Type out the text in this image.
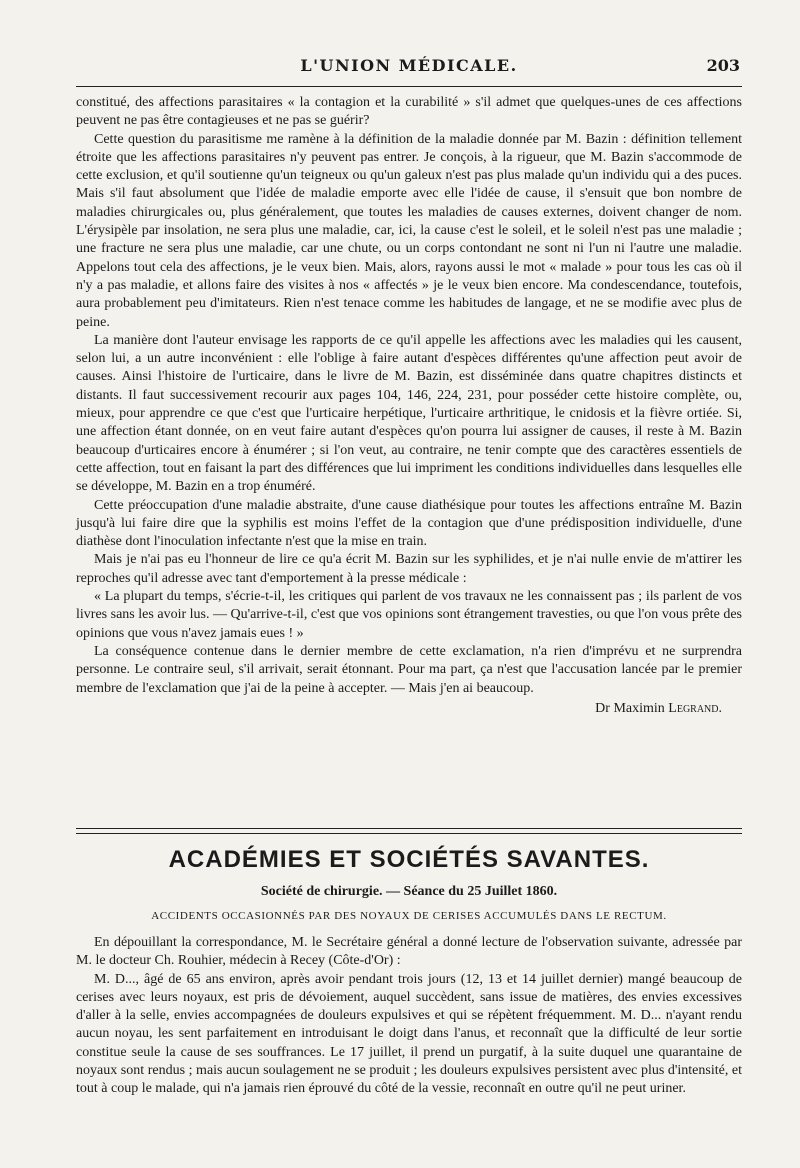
L'UNION MÉDICALE.	203

constitué, des affections parasitaires « la contagion et la curabilité » s'il admet que quelques-unes de ces affections peuvent ne pas être contagieuses et ne pas se guérir?

Cette question du parasitisme me ramène à la définition de la maladie donnée par M. Bazin : définition tellement étroite que les affections parasitaires n'y peuvent pas entrer. Je conçois, à la rigueur, que M. Bazin s'accommode de cette exclusion, et qu'il soutienne qu'un teigneux ou qu'un galeux n'est pas plus malade qu'un individu qui a des puces. Mais s'il faut absolument que l'idée de maladie emporte avec elle l'idée de cause, il s'ensuit que bon nombre de maladies chirurgicales ou, plus généralement, que toutes les maladies de causes externes, doivent changer de nom. L'érysipèle par insolation, ne sera plus une maladie, car, ici, la cause c'est le soleil, et le soleil n'est pas une maladie ; une fracture ne sera plus une maladie, car une chute, ou un corps contondant ne sont ni l'un ni l'autre une maladie. Appelons tout cela des affections, je le veux bien. Mais, alors, rayons aussi le mot « malade » pour tous les cas où il n'y a pas maladie, et allons faire des visites à nos « affectés » je le veux bien encore. Ma condescendance, toutefois, aura probablement peu d'imitateurs. Rien n'est tenace comme les habitudes de langage, et ne se modifie avec plus de peine.

La manière dont l'auteur envisage les rapports de ce qu'il appelle les affections avec les maladies qui les causent, selon lui, a un autre inconvénient : elle l'oblige à faire autant d'espèces différentes qu'une affection peut avoir de causes. Ainsi l'histoire de l'urticaire, dans le livre de M. Bazin, est disséminée dans quatre chapitres distincts et distants. Il faut successivement recourir aux pages 104, 146, 224, 231, pour posséder cette histoire complète, ou, mieux, pour apprendre ce que c'est que l'urticaire herpétique, l'urticaire arthritique, le cnidosis et la fièvre ortiée. Si, une affection étant donnée, on en veut faire autant d'espèces qu'on pourra lui assigner de causes, il reste à M. Bazin beaucoup d'urticaires encore à énumérer ; si l'on veut, au contraire, ne tenir compte que des caractères essentiels de cette affection, tout en faisant la part des différences que lui impriment les conditions individuelles dans lesquelles elle se développe, M. Bazin en a trop énuméré.

Cette préoccupation d'une maladie abstraite, d'une cause diathésique pour toutes les affections entraîne M. Bazin jusqu'à lui faire dire que la syphilis est moins l'effet de la contagion que d'une prédisposition individuelle, d'une diathèse dont l'inoculation infectante n'est que la mise en train.

Mais je n'ai pas eu l'honneur de lire ce qu'a écrit M. Bazin sur les syphilides, et je n'ai nulle envie de m'attirer les reproches qu'il adresse avec tant d'emportement à la presse médicale :

« La plupart du temps, s'écrie-t-il, les critiques qui parlent de vos travaux ne les connaissent pas ; ils parlent de vos livres sans les avoir lus. — Qu'arrive-t-il, c'est que vos opinions sont étrangement travesties, ou que l'on vous prête des opinions que vous n'avez jamais eues ! »

La conséquence contenue dans le dernier membre de cette exclamation, n'a rien d'imprévu et ne surprendra personne. Le contraire seul, s'il arrivait, serait étonnant. Pour ma part, ça n'est que l'accusation lancée par le premier membre de l'exclamation que j'ai de la peine à accepter. — Mais j'en ai beaucoup.

Dr Maximin Legrand.
ACADÉMIES ET SOCIÉTÉS SAVANTES.
Société de chirurgie. — Séance du 25 Juillet 1860.
ACCIDENTS OCCASIONNÉS PAR DES NOYAUX DE CERISES ACCUMULÉS DANS LE RECTUM.

En dépouillant la correspondance, M. le Secrétaire général a donné lecture de l'observation suivante, adressée par M. le docteur Ch. Rouhier, médecin à Recey (Côte-d'Or) :

M. D..., âgé de 65 ans environ, après avoir pendant trois jours (12, 13 et 14 juillet dernier) mangé beaucoup de cerises avec leurs noyaux, est pris de dévoiement, auquel succèdent, sans issue de matières, des envies excessives d'aller à la selle, envies accompagnées de douleurs expulsives et qui se répètent fréquemment. M. D... n'ayant rendu aucun noyau, les sent parfaitement en introduisant le doigt dans l'anus, et reconnaît que la difficulté de leur sortie constitue seule la cause de ses souffrances. Le 17 juillet, il prend un purgatif, à la suite duquel une quarantaine de noyaux sont rendus ; mais aucun soulagement ne se produit ; les douleurs expulsives persistent avec plus d'intensité, et tout à coup le malade, qui n'a jamais rien éprouvé du côté de la vessie, reconnaît en outre qu'il ne peut uriner.
